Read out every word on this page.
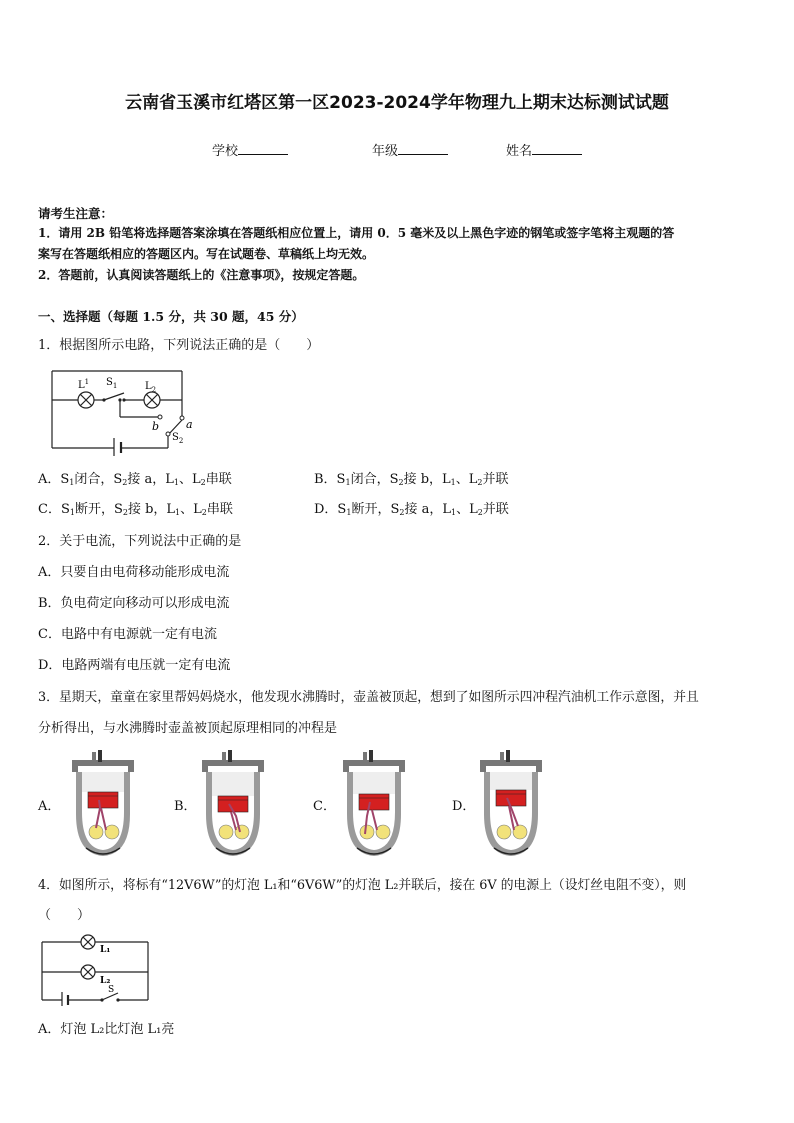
云南省玉溪市红塔区第一区2023-2024学年物理九上期末达标测试试题
学校	年级	姓名
请考生注意：
1．请用 2B 铅笔将选择题答案涂填在答题纸相应位置上，请用 0．5 毫米及以上黑色字迹的钢笔或签字笔将主观题的答
案写在答题纸相应的答题区内。写在试题卷、草稿纸上均无效。
2．答题前，认真阅读答题纸上的《注意事项》，按规定答题。
一、选择题（每题 1.5 分，共 30 题，45 分）
1．根据图所示电路，下列说法正确的是（　　）
$L^1$ $S_1$	$L_2$
b a
$S_2$
A．$S_1$闭合，$S_2$接 a，$L_1$、$L_2$串联	B．$S_1$闭合，$S_2$接 b，$L_1$、$L_2$并联
C．$S_1$断开，$S_2$接 b，$L_1$、$L_2$串联	D．$S_1$断开，$S_2$接 a，$L_1$、$L_2$并联
2．关于电流，下列说法中正确的是
A．只要自由电荷移动能形成电流
B．负电荷定向移动可以形成电流
C．电路中有电源就一定有电流
D．电路两端有电压就一定有电流
3．星期天，童童在家里帮妈妈烧水，他发现水沸腾时，壶盖被顶起，想到了如图所示四冲程汽油机工作示意图，并且
分析得出，与水沸腾时壶盖被顶起原理相同的冲程是
A．	B．	C．	D．
4．如图所示，将标有“12V6W”的灯泡 L₁和“6V6W”的灯泡 L₂并联后，接在 6V 的电源上（设灯丝电阻不变），则
（　　）
L₁
L₂
S
A．灯泡 L₂比灯泡 L₁亮
